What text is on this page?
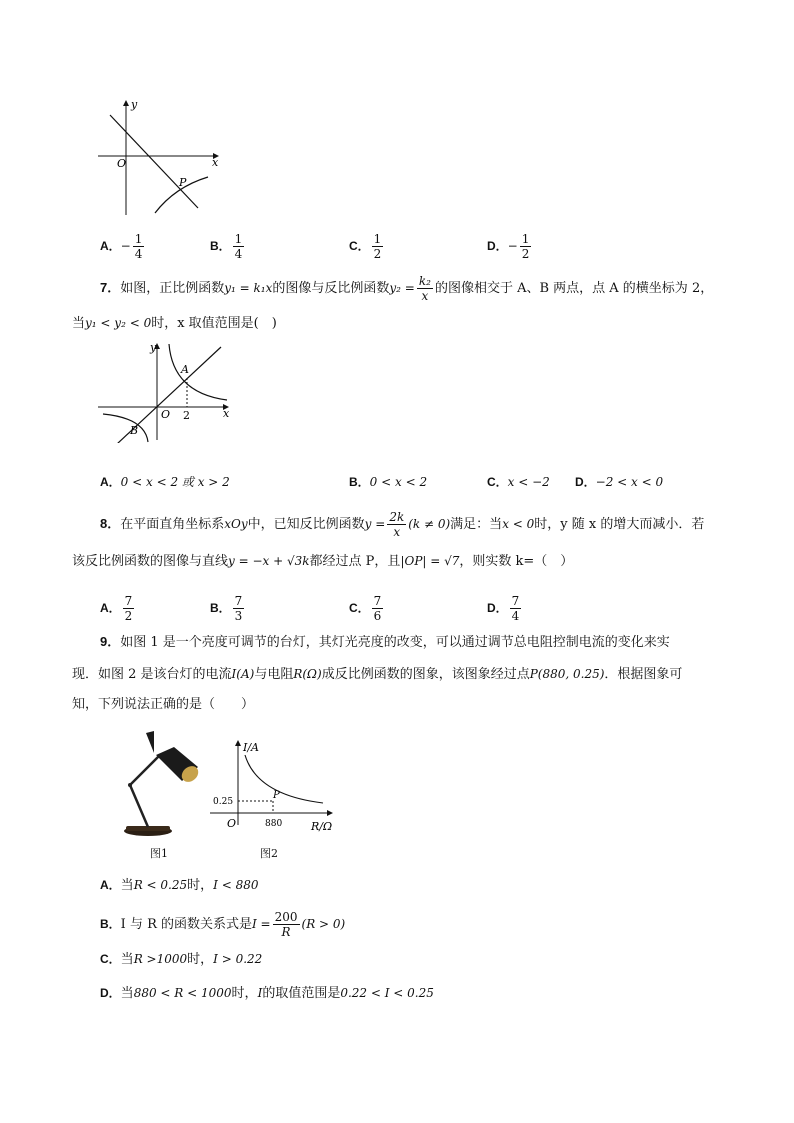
O
y
x
P
A．− $\frac{1}{4}$	B． $\frac{1}{4}$	C． $\frac{1}{2}$	D．− $\frac{1}{2}$
7．如图，正比例函数y₁ = k₁x的图像与反比例函数$y_2 = \frac{\text{k₂}}{x}$ 的图像相交于 A、B 两点，点 A 的横坐标为 2，
当y₁ < y₂ < 0时，x 取值范围是(　)
O
y
x
A
B
2
A．0 < x < 2 或 x > 2	B．0 < x < 2	C．x < −2 D．−2 < x < 0
8．在平面直角坐标系xOy中，已知反比例函数$y = \frac{2k}{x} (k \ne 0)$满足：当x < 0时，y 随 x 的增大而减小．若
该反比例函数的图像与直线y = −x + √3k都经过点 P，且|OP| = √7，则实数 k=（　）
A． $\frac{7}{2}$	B． $\frac{7}{3}$	C． $\frac{7}{6}$	D． $\frac{7}{4}$
9．如图 1 是一个亮度可调节的台灯，其灯光亮度的改变，可以通过调节总电阻控制电流的变化来实
现．如图 2 是该台灯的电流I(A)与电阻R(Ω)成反比例函数的图象，该图象经过点P(880, 0.25)．根据图象可
知，下列说法正确的是（　　）
图1
I/A
R/Ω
O
P
0.25
880
图2
A．当R < 0.25时，I < 880
B．I 与 R 的函数关系式是$I = \frac{200}{R} (R > 0)$
C．当R >1000时，I > 0.22
D．当880 < R < 1000时，I的取值范围是0.22 < I < 0.25
